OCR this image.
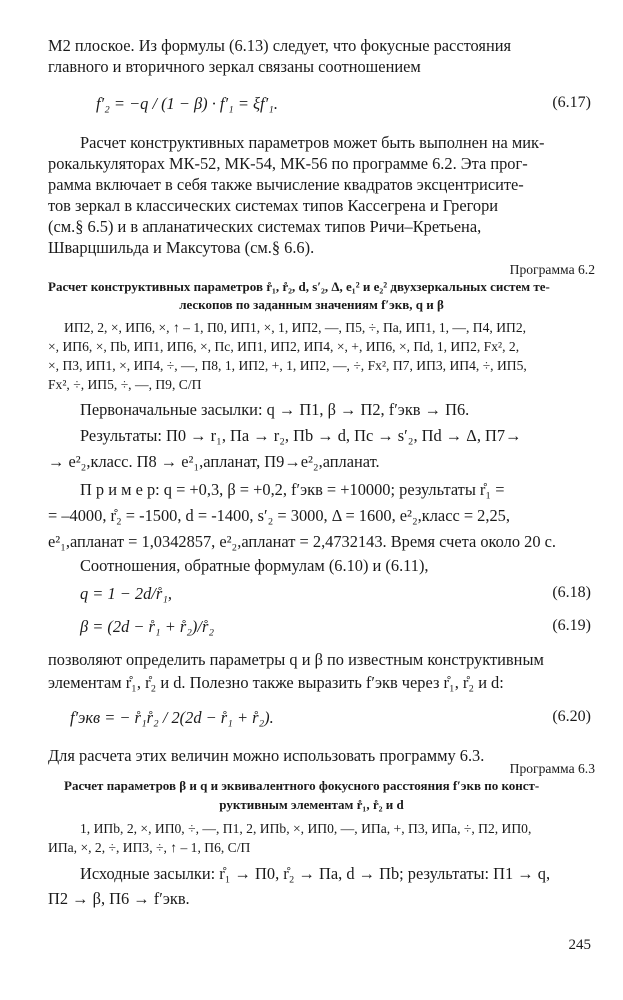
М2 плоское. Из формулы (6.13) следует, что фокусные расстояния

главного и вторичного зеркал связаны соотношением

f′₂ = −q / (1 − β) · f′₁ = ξf′₁.	(6.17)

Расчет конструктивных параметров может быть выполнен на мик-

рокалькуляторах МК-52, МК-54, МК-56 по программе 6.2. Эта прог-

рамма включает в себя также вычисление квадратов эксцентриситe-

тов зеркал в классических системах типов Кассегрена и Грегори

(см.§ 6.5) и в апланатических системах типов Ричи–Кретьена,

Шварцшильда и Максутова (см.§ 6.6).

Программа 6.2

Расчет конструктивных параметров r̊₁, r̊₂, d, s′₂, Δ, e₁² и e₂² двухзеркальных систем те-

лескопов по заданным значениям f′экв, q и β

ИП2, 2, ×, ИП6, ×, ↑ – 1, П0, ИП1, ×, 1, ИП2, —, П5, ÷, Па, ИП1, 1, —, П4, ИП2,

×, ИП6, ×, Пb, ИП1, ИП6, ×, Пс, ИП1, ИП2, ИП4, ×, +, ИП6, ×, Пd, 1, ИП2, Fx², 2,

×, П3, ИП1, ×, ИП4, ÷, —, П8, 1, ИП2, +, 1, ИП2, —, ÷, Fx², П7, ИП3, ИП4, ÷, ИП5,

Fx², ÷, ИП5, ÷, —, П9, С/П

Первоначальные засылки: q → П1, β → П2, f′экв → П6.

Результаты: П0 → r₁, Па → r₂, Пb → d, Пс → s′₂, Пd → Δ, П7→

→ e²₂,класс. П8 → e²₁,апланат, П9→e²₂,апланат.

П р и м е р: q = +0,3, β = +0,2, f′экв = +10000; результаты r̊₁ =

= –4000, r̊₂ = -1500, d = -1400, s′₂ = 3000, Δ = 1600, e²₂,класс = 2,25,

e²₁,апланат = 1,0342857, e²₂,апланат = 2,4732143. Время счета около 20 с.

Соотношения, обратные формулам (6.10) и (6.11),

q = 1 − 2d/r̊₁,	(6.18)
β = (2d − r̊₁ + r̊₂)/r̊₂	(6.19)

позволяют определить параметры q и β по известным конструктивным

элементам r̊₁, r̊₂ и d. Полезно также выразить f′экв через r̊₁, r̊₂ и d:

f′экв = − r̊₁r̊₂ / 2(2d − r̊₁ + r̊₂).	(6.20)

Для расчета этих величин можно использовать программу 6.3.

Программа 6.3

Расчет параметров β и q и эквивалентного фокусного расстояния f′экв по конст-

руктивным элементам r̊₁, r̊₂ и d

1, ИПb, 2, ×, ИП0, ÷, —, П1, 2, ИПb, ×, ИП0, —, ИПа, +, П3, ИПа, ÷, П2, ИП0,

ИПа, ×, 2, ÷, ИП3, ÷, ↑ – 1, П6, С/П

Исходные засылки: r̊₁ → П0, r̊₂ → Па, d → Пb; результаты: П1 → q,

П2 → β, П6 → f′экв.

245
